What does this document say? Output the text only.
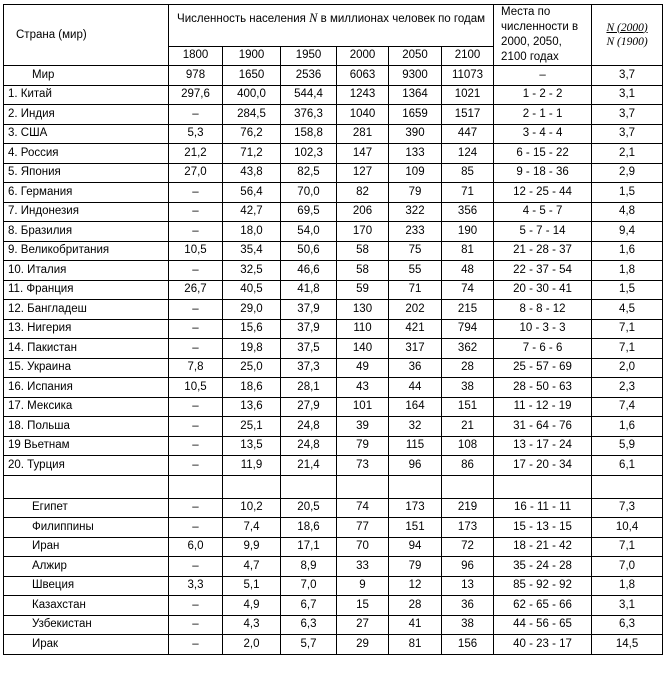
Страна (мир)	Численность населения N в миллионах человек по годам						Места по численности в 2000, 2050, 2100 годах	$\frac{N (2000)}{N (1900)}$

	1800	1900	1950	2000	2050	2100		
Мир	978	1650	2536	6063	9300	11073	–	3,7
1. Китай	297,6	400,0	544,4	1243	1364	1021	1 - 2 - 2	3,1
2. Индия	–	284,5	376,3	1040	1659	1517	2 - 1 - 1	3,7
3. США	5,3	76,2	158,8	281	390	447	3 - 4 - 4	3,7
4. Россия	21,2	71,2	102,3	147	133	124	6 - 15 - 22	2,1
5. Япония	27,0	43,8	82,5	127	109	85	9 - 18 - 36	2,9
6. Германия	–	56,4	70,0	82	79	71	12 - 25 - 44	1,5
7. Индонезия	–	42,7	69,5	206	322	356	4 - 5 - 7	4,8
8. Бразилия	–	18,0	54,0	170	233	190	5 - 7 - 14	9,4
9. Великобритания	10,5	35,4	50,6	58	75	81	21 - 28 - 37	1,6
10. Италия	–	32,5	46,6	58	55	48	22 - 37 - 54	1,8
11. Франция	26,7	40,5	41,8	59	71	74	20 - 30 - 41	1,5
12. Бангладеш	–	29,0	37,9	130	202	215	8 - 8 - 12	4,5
13. Нигерия	–	15,6	37,9	110	421	794	10 - 3 - 3	7,1
14. Пакистан	–	19,8	37,5	140	317	362	7 - 6 - 6	7,1
15. Украина	7,8	25,0	37,3	49	36	28	25 - 57 - 69	2,0
16. Испания	10,5	18,6	28,1	43	44	38	28 - 50 - 63	2,3
17. Мексика	–	13,6	27,9	101	164	151	11 - 12 - 19	7,4
18. Польша	–	25,1	24,8	39	32	21	31 - 64 - 76	1,6
19 Вьетнам	–	13,5	24,8	79	115	108	13 - 17 - 24	5,9
20. Турция	–	11,9	21,4	73	96	86	17 - 20 - 34	6,1

Египет	–	10,2	20,5	74	173	219	16 - 11 - 11	7,3
Филиппины	–	7,4	18,6	77	151	173	15 - 13 - 15	10,4
Иран	6,0	9,9	17,1	70	94	72	18 - 21 - 42	7,1
Алжир	–	4,7	8,9	33	79	96	35 - 24 - 28	7,0
Швеция	3,3	5,1	7,0	9	12	13	85 - 92 - 92	1,8
Казахстан	–	4,9	6,7	15	28	36	62 - 65 - 66	3,1
Узбекистан	–	4,3	6,3	27	41	38	44 - 56 - 65	6,3
Ирак	–	2,0	5,7	29	81	156	40 - 23 - 17	14,5
